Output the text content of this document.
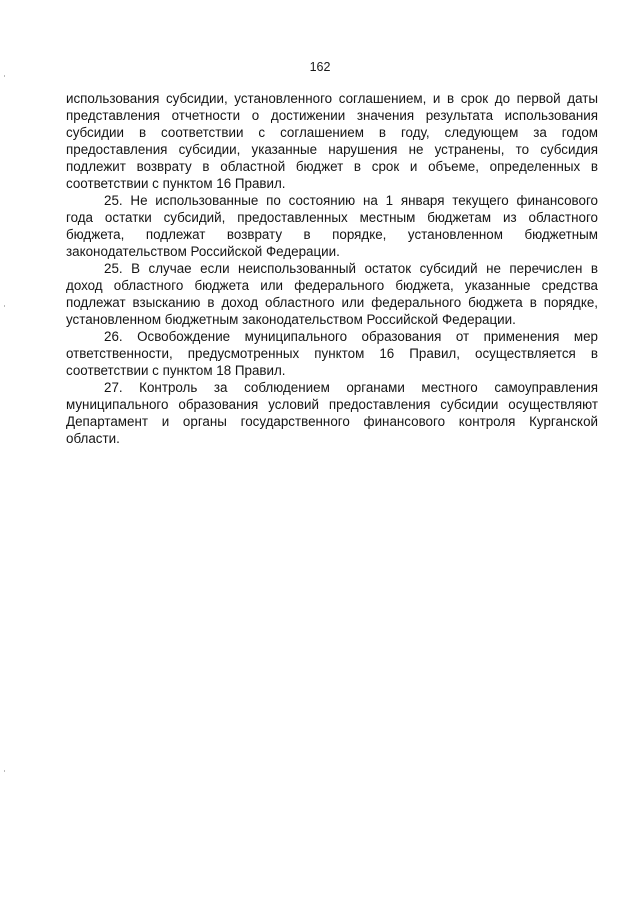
162
использования субсидии, установленного соглашением, и в срок до первой даты
представления отчетности о достижении значения результата использования
субсидии в соответствии с соглашением в году, следующем за годом
предоставления субсидии, указанные нарушения не устранены, то субсидия
подлежит возврату в областной бюджет в срок и объеме, определенных в
соответствии с пунктом 16 Правил.
25. Не использованные по состоянию на 1 января текущего финансового
года остатки субсидий, предоставленных местным бюджетам из областного
бюджета, подлежат возврату в порядке, установленном бюджетным
законодательством Российской Федерации.
25. В случае если неиспользованный остаток субсидий не перечислен в
доход областного бюджета или федерального бюджета, указанные средства
подлежат взысканию в доход областного или федерального бюджета в порядке,
установленном бюджетным законодательством Российской Федерации.
26. Освобождение муниципального образования от применения мер
ответственности, предусмотренных пунктом 16 Правил, осуществляется в
соответствии с пунктом 18 Правил.
27. Контроль за соблюдением органами местного самоуправления
муниципального образования условий предоставления субсидии осуществляют
Департамент и органы государственного финансового контроля Курганской
области.
